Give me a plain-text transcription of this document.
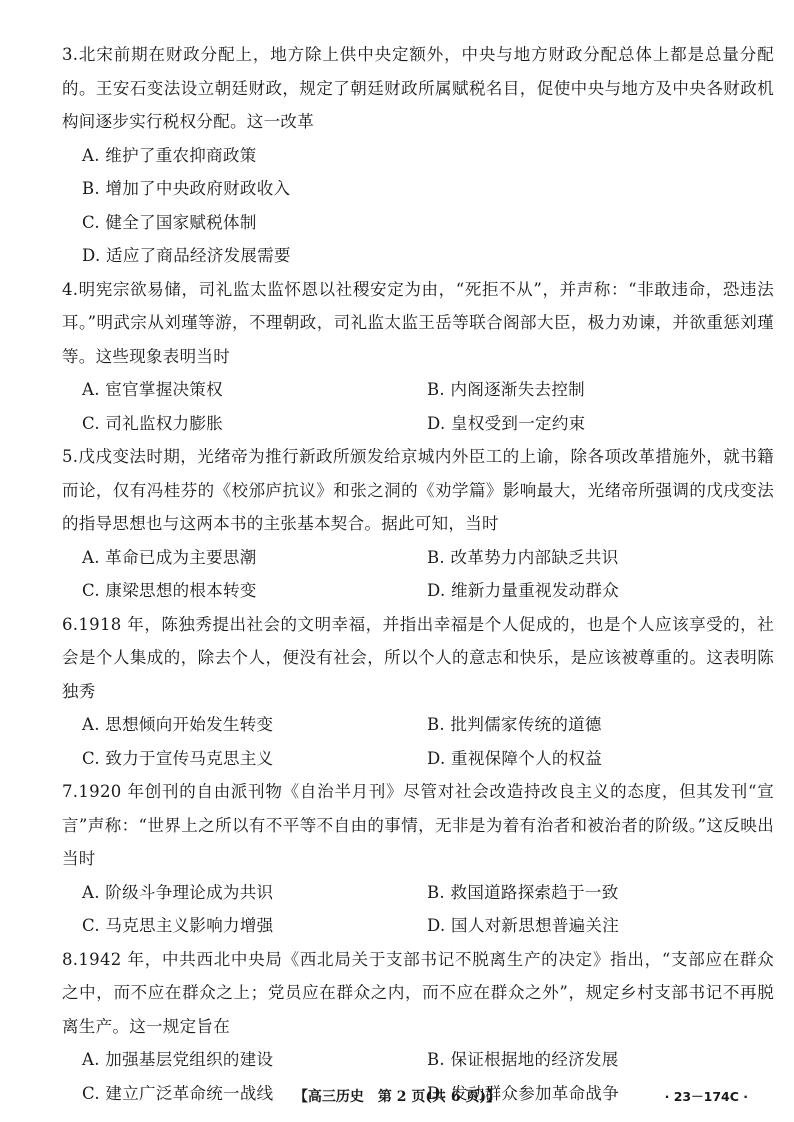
3.北宋前期在财政分配上，地方除上供中央定额外，中央与地方财政分配总体上都是总量分配的。王安石变法设立朝廷财政，规定了朝廷财政所属赋税名目，促使中央与地方及中央各财政机构间逐步实行税权分配。这一改革

A. 维护了重农抑商政策
B. 增加了中央政府财政收入
C. 健全了国家赋税体制
D. 适应了商品经济发展需要

4.明宪宗欲易储，司礼监太监怀恩以社稷安定为由，“死拒不从”，并声称：“非敢违命，恐违法耳。”明武宗从刘瑾等游，不理朝政，司礼监太监王岳等联合阁部大臣，极力劝谏，并欲重惩刘瑾等。这些现象表明当时

A. 宦官掌握决策权	B. 内阁逐渐失去控制
C. 司礼监权力膨胀	D. 皇权受到一定约束

5.戊戌变法时期，光绪帝为推行新政所颁发给京城内外臣工的上谕，除各项改革措施外，就书籍而论，仅有冯桂芬的《校邠庐抗议》和张之洞的《劝学篇》影响最大，光绪帝所强调的戊戌变法的指导思想也与这两本书的主张基本契合。据此可知，当时

A. 革命已成为主要思潮	B. 改革势力内部缺乏共识
C. 康梁思想的根本转变	D. 维新力量重视发动群众

6.1918 年，陈独秀提出社会的文明幸福，并指出幸福是个人促成的，也是个人应该享受的，社会是个人集成的，除去个人，便没有社会，所以个人的意志和快乐，是应该被尊重的。这表明陈独秀

A. 思想倾向开始发生转变	B. 批判儒家传统的道德
C. 致力于宣传马克思主义	D. 重视保障个人的权益

7.1920 年创刊的自由派刊物《自治半月刊》尽管对社会改造持改良主义的态度，但其发刊“宣言”声称：“世界上之所以有不平等不自由的事情，无非是为着有治者和被治者的阶级。”这反映出当时

A. 阶级斗争理论成为共识	B. 救国道路探索趋于一致
C. 马克思主义影响力增强	D. 国人对新思想普遍关注

8.1942 年，中共西北中央局《西北局关于支部书记不脱离生产的决定》指出，“支部应在群众之中，而不应在群众之上；党员应在群众之内，而不应在群众之外”，规定乡村支部书记不再脱离生产。这一规定旨在

A. 加强基层党组织的建设	B. 保证根据地的经济发展
C. 建立广泛革命统一战线	D. 发动群众参加革命战争
【高三历史　第 2 页(共 6 页)】	· 23－174C ·
